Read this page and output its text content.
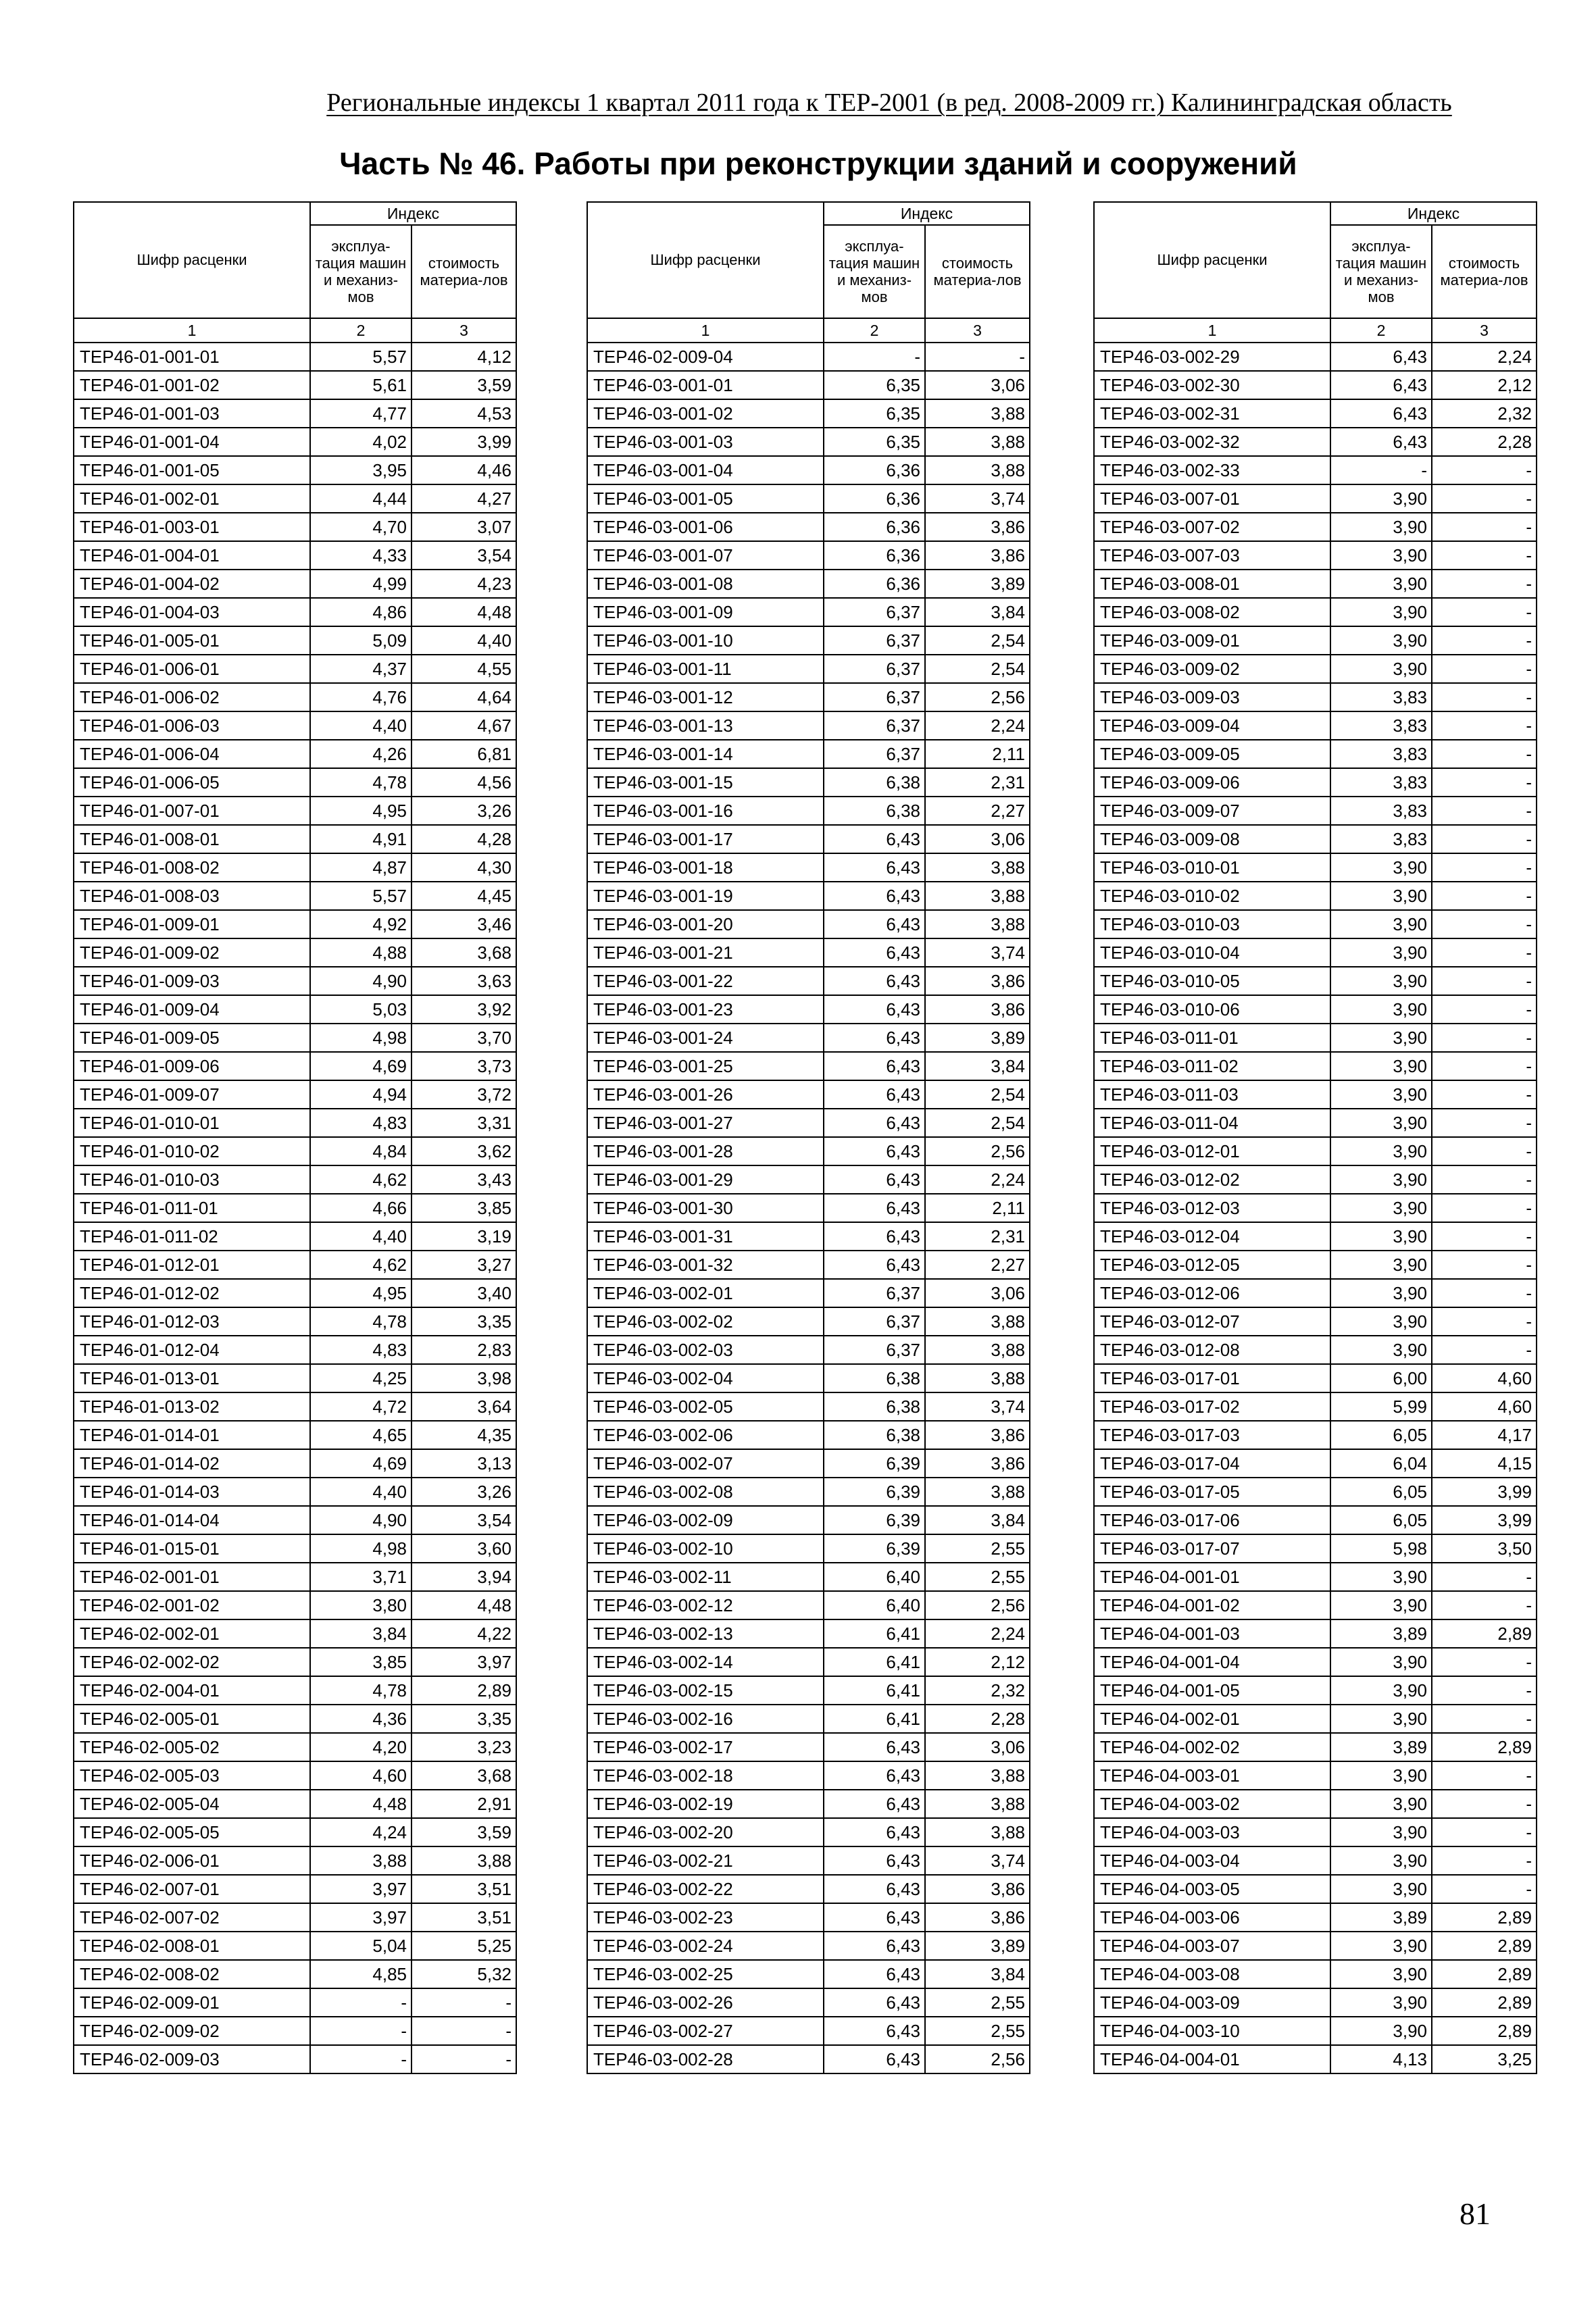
Региональные индексы 1 квартал 2011 года к ТЕР-2001 (в ред. 2008-2009 гг.) Калининградская область
Часть № 46. Работы при реконструкции зданий и сооружений
Шифр расценки	Индекс	
	эксплуа-тация машин и механиз-мов	стоимость материа-лов
1	2	3
ТЕР46-01-001-01	5,57	4,12
ТЕР46-01-001-02	5,61	3,59
ТЕР46-01-001-03	4,77	4,53
ТЕР46-01-001-04	4,02	3,99
ТЕР46-01-001-05	3,95	4,46
ТЕР46-01-002-01	4,44	4,27
ТЕР46-01-003-01	4,70	3,07
ТЕР46-01-004-01	4,33	3,54
ТЕР46-01-004-02	4,99	4,23
ТЕР46-01-004-03	4,86	4,48
ТЕР46-01-005-01	5,09	4,40
ТЕР46-01-006-01	4,37	4,55
ТЕР46-01-006-02	4,76	4,64
ТЕР46-01-006-03	4,40	4,67
ТЕР46-01-006-04	4,26	6,81
ТЕР46-01-006-05	4,78	4,56
ТЕР46-01-007-01	4,95	3,26
ТЕР46-01-008-01	4,91	4,28
ТЕР46-01-008-02	4,87	4,30
ТЕР46-01-008-03	5,57	4,45
ТЕР46-01-009-01	4,92	3,46
ТЕР46-01-009-02	4,88	3,68
ТЕР46-01-009-03	4,90	3,63
ТЕР46-01-009-04	5,03	3,92
ТЕР46-01-009-05	4,98	3,70
ТЕР46-01-009-06	4,69	3,73
ТЕР46-01-009-07	4,94	3,72
ТЕР46-01-010-01	4,83	3,31
ТЕР46-01-010-02	4,84	3,62
ТЕР46-01-010-03	4,62	3,43
ТЕР46-01-011-01	4,66	3,85
ТЕР46-01-011-02	4,40	3,19
ТЕР46-01-012-01	4,62	3,27
ТЕР46-01-012-02	4,95	3,40
ТЕР46-01-012-03	4,78	3,35
ТЕР46-01-012-04	4,83	2,83
ТЕР46-01-013-01	4,25	3,98
ТЕР46-01-013-02	4,72	3,64
ТЕР46-01-014-01	4,65	4,35
ТЕР46-01-014-02	4,69	3,13
ТЕР46-01-014-03	4,40	3,26
ТЕР46-01-014-04	4,90	3,54
ТЕР46-01-015-01	4,98	3,60
ТЕР46-02-001-01	3,71	3,94
ТЕР46-02-001-02	3,80	4,48
ТЕР46-02-002-01	3,84	4,22
ТЕР46-02-002-02	3,85	3,97
ТЕР46-02-004-01	4,78	2,89
ТЕР46-02-005-01	4,36	3,35
ТЕР46-02-005-02	4,20	3,23
ТЕР46-02-005-03	4,60	3,68
ТЕР46-02-005-04	4,48	2,91
ТЕР46-02-005-05	4,24	3,59
ТЕР46-02-006-01	3,88	3,88
ТЕР46-02-007-01	3,97	3,51
ТЕР46-02-007-02	3,97	3,51
ТЕР46-02-008-01	5,04	5,25
ТЕР46-02-008-02	4,85	5,32
ТЕР46-02-009-01	-	-
ТЕР46-02-009-02	-	-
ТЕР46-02-009-03	-	-
Шифр расценки	Индекс	
	эксплуа-тация машин и механиз-мов	стоимость материа-лов
1	2	3
ТЕР46-02-009-04	-	-
ТЕР46-03-001-01	6,35	3,06
ТЕР46-03-001-02	6,35	3,88
ТЕР46-03-001-03	6,35	3,88
ТЕР46-03-001-04	6,36	3,88
ТЕР46-03-001-05	6,36	3,74
ТЕР46-03-001-06	6,36	3,86
ТЕР46-03-001-07	6,36	3,86
ТЕР46-03-001-08	6,36	3,89
ТЕР46-03-001-09	6,37	3,84
ТЕР46-03-001-10	6,37	2,54
ТЕР46-03-001-11	6,37	2,54
ТЕР46-03-001-12	6,37	2,56
ТЕР46-03-001-13	6,37	2,24
ТЕР46-03-001-14	6,37	2,11
ТЕР46-03-001-15	6,38	2,31
ТЕР46-03-001-16	6,38	2,27
ТЕР46-03-001-17	6,43	3,06
ТЕР46-03-001-18	6,43	3,88
ТЕР46-03-001-19	6,43	3,88
ТЕР46-03-001-20	6,43	3,88
ТЕР46-03-001-21	6,43	3,74
ТЕР46-03-001-22	6,43	3,86
ТЕР46-03-001-23	6,43	3,86
ТЕР46-03-001-24	6,43	3,89
ТЕР46-03-001-25	6,43	3,84
ТЕР46-03-001-26	6,43	2,54
ТЕР46-03-001-27	6,43	2,54
ТЕР46-03-001-28	6,43	2,56
ТЕР46-03-001-29	6,43	2,24
ТЕР46-03-001-30	6,43	2,11
ТЕР46-03-001-31	6,43	2,31
ТЕР46-03-001-32	6,43	2,27
ТЕР46-03-002-01	6,37	3,06
ТЕР46-03-002-02	6,37	3,88
ТЕР46-03-002-03	6,37	3,88
ТЕР46-03-002-04	6,38	3,88
ТЕР46-03-002-05	6,38	3,74
ТЕР46-03-002-06	6,38	3,86
ТЕР46-03-002-07	6,39	3,86
ТЕР46-03-002-08	6,39	3,88
ТЕР46-03-002-09	6,39	3,84
ТЕР46-03-002-10	6,39	2,55
ТЕР46-03-002-11	6,40	2,55
ТЕР46-03-002-12	6,40	2,56
ТЕР46-03-002-13	6,41	2,24
ТЕР46-03-002-14	6,41	2,12
ТЕР46-03-002-15	6,41	2,32
ТЕР46-03-002-16	6,41	2,28
ТЕР46-03-002-17	6,43	3,06
ТЕР46-03-002-18	6,43	3,88
ТЕР46-03-002-19	6,43	3,88
ТЕР46-03-002-20	6,43	3,88
ТЕР46-03-002-21	6,43	3,74
ТЕР46-03-002-22	6,43	3,86
ТЕР46-03-002-23	6,43	3,86
ТЕР46-03-002-24	6,43	3,89
ТЕР46-03-002-25	6,43	3,84
ТЕР46-03-002-26	6,43	2,55
ТЕР46-03-002-27	6,43	2,55
ТЕР46-03-002-28	6,43	2,56
Шифр расценки	Индекс	
	эксплуа-тация машин и механиз-мов	стоимость материа-лов
1	2	3
ТЕР46-03-002-29	6,43	2,24
ТЕР46-03-002-30	6,43	2,12
ТЕР46-03-002-31	6,43	2,32
ТЕР46-03-002-32	6,43	2,28
ТЕР46-03-002-33	-	-
ТЕР46-03-007-01	3,90	-
ТЕР46-03-007-02	3,90	-
ТЕР46-03-007-03	3,90	-
ТЕР46-03-008-01	3,90	-
ТЕР46-03-008-02	3,90	-
ТЕР46-03-009-01	3,90	-
ТЕР46-03-009-02	3,90	-
ТЕР46-03-009-03	3,83	-
ТЕР46-03-009-04	3,83	-
ТЕР46-03-009-05	3,83	-
ТЕР46-03-009-06	3,83	-
ТЕР46-03-009-07	3,83	-
ТЕР46-03-009-08	3,83	-
ТЕР46-03-010-01	3,90	-
ТЕР46-03-010-02	3,90	-
ТЕР46-03-010-03	3,90	-
ТЕР46-03-010-04	3,90	-
ТЕР46-03-010-05	3,90	-
ТЕР46-03-010-06	3,90	-
ТЕР46-03-011-01	3,90	-
ТЕР46-03-011-02	3,90	-
ТЕР46-03-011-03	3,90	-
ТЕР46-03-011-04	3,90	-
ТЕР46-03-012-01	3,90	-
ТЕР46-03-012-02	3,90	-
ТЕР46-03-012-03	3,90	-
ТЕР46-03-012-04	3,90	-
ТЕР46-03-012-05	3,90	-
ТЕР46-03-012-06	3,90	-
ТЕР46-03-012-07	3,90	-
ТЕР46-03-012-08	3,90	-
ТЕР46-03-017-01	6,00	4,60
ТЕР46-03-017-02	5,99	4,60
ТЕР46-03-017-03	6,05	4,17
ТЕР46-03-017-04	6,04	4,15
ТЕР46-03-017-05	6,05	3,99
ТЕР46-03-017-06	6,05	3,99
ТЕР46-03-017-07	5,98	3,50
ТЕР46-04-001-01	3,90	-
ТЕР46-04-001-02	3,90	-
ТЕР46-04-001-03	3,89	2,89
ТЕР46-04-001-04	3,90	-
ТЕР46-04-001-05	3,90	-
ТЕР46-04-002-01	3,90	-
ТЕР46-04-002-02	3,89	2,89
ТЕР46-04-003-01	3,90	-
ТЕР46-04-003-02	3,90	-
ТЕР46-04-003-03	3,90	-
ТЕР46-04-003-04	3,90	-
ТЕР46-04-003-05	3,90	-
ТЕР46-04-003-06	3,89	2,89
ТЕР46-04-003-07	3,90	2,89
ТЕР46-04-003-08	3,90	2,89
ТЕР46-04-003-09	3,90	2,89
ТЕР46-04-003-10	3,90	2,89
ТЕР46-04-004-01	4,13	3,25
81
